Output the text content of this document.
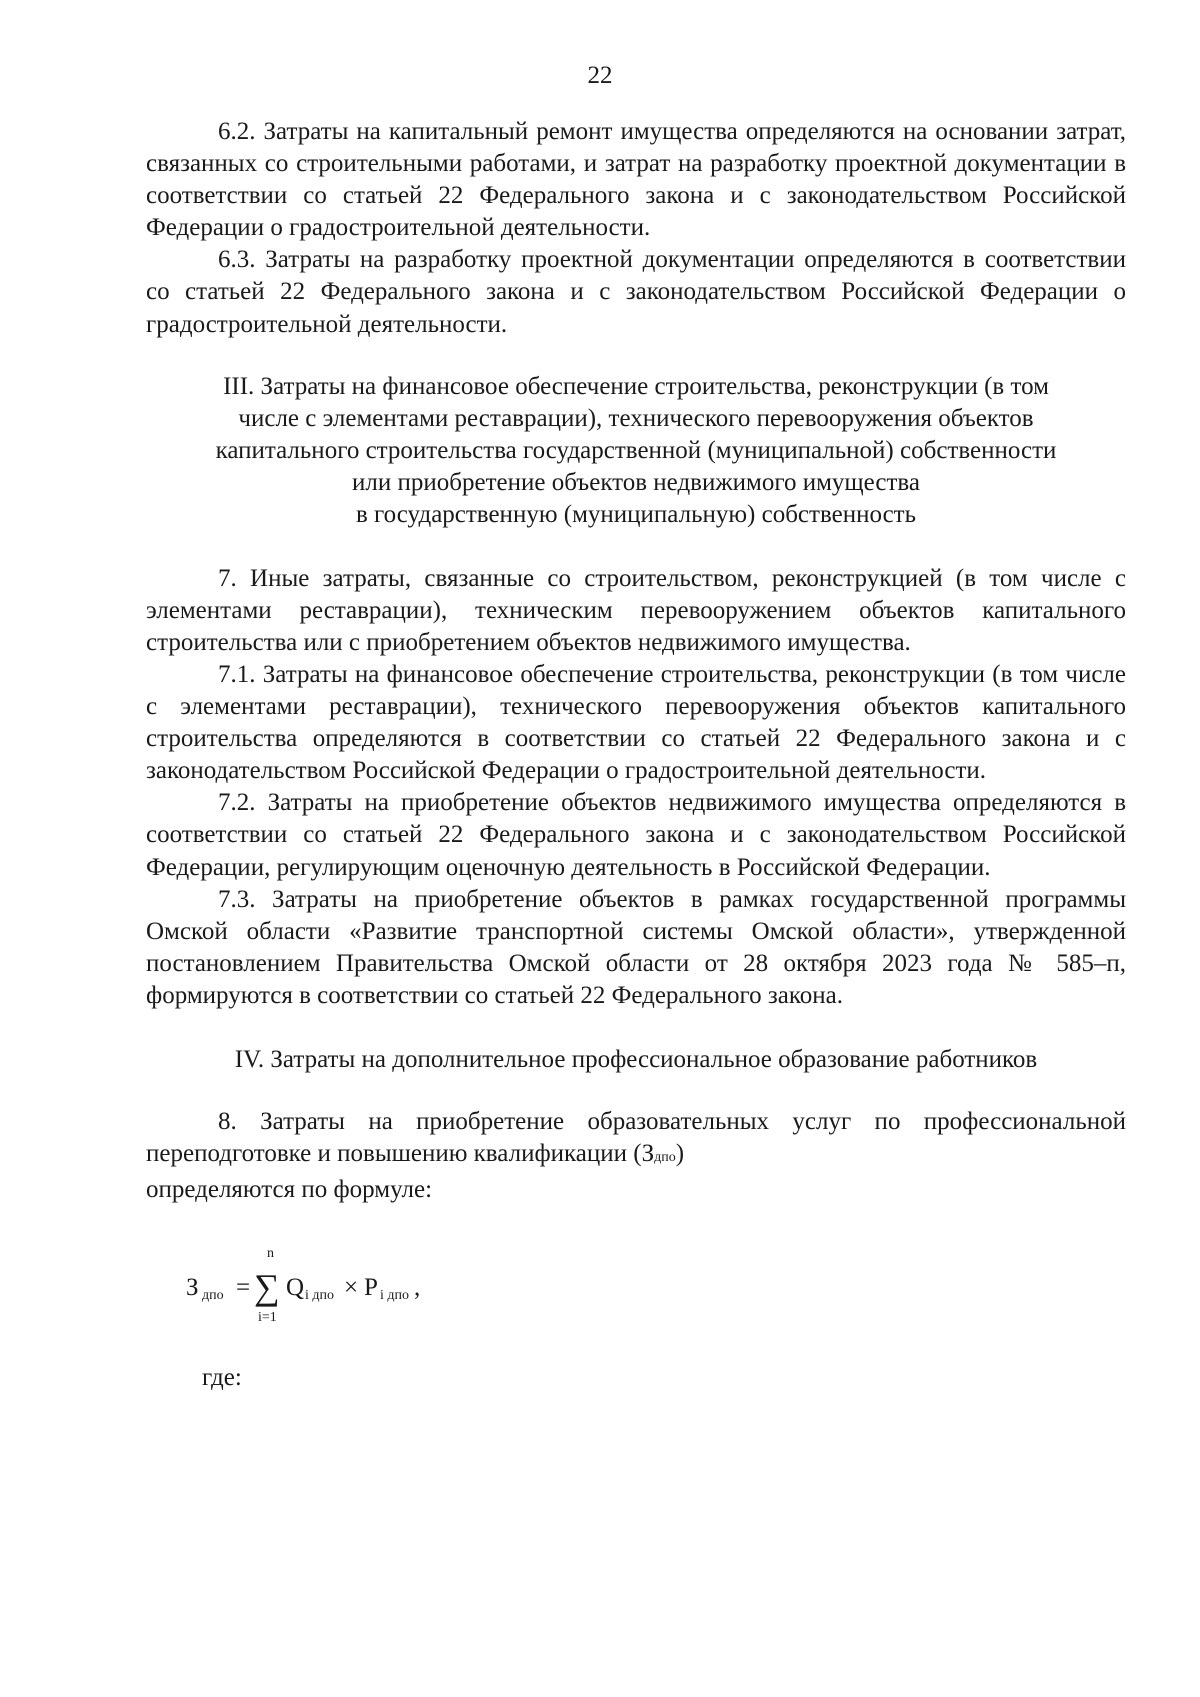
22

6.2. Затраты на капитальный ремонт имущества определяются на основании затрат, связанных со строительными работами, и затрат на разработку проектной документации в соответствии со статьей 22 Федерального закона и с законодательством Российской Федерации о градостроительной деятельности.

6.3. Затраты на разработку проектной документации определяются в соответствии со статьей 22 Федерального закона и с законодательством Российской Федерации о градостроительной деятельности.

III. Затраты на финансовое обеспечение строительства, реконструкции (в том
числе с элементами реставрации), технического перевооружения объектов
капитального строительства государственной (муниципальной) собственности
или приобретение объектов недвижимого имущества
в государственную (муниципальную) собственность

7. Иные затраты, связанные со строительством, реконструкцией (в том числе с элементами реставрации), техническим перевооружением объектов капитального строительства или с приобретением объектов недвижимого имущества.

7.1. Затраты на финансовое обеспечение строительства, реконструкции (в том числе с элементами реставрации), технического перевооружения объектов капитального строительства определяются в соответствии со статьей 22 Федерального закона и с законодательством Российской Федерации о градостроительной деятельности.

7.2. Затраты на приобретение объектов недвижимого имущества определяются в соответствии со статьей 22 Федерального закона и с законодательством Российской Федерации, регулирующим оценочную деятельность в Российской Федерации.

7.3. Затраты на приобретение объектов в рамках государственной программы Омской области «Развитие транспортной системы Омской области», утвержденной постановлением Правительства Омской области от 28 октября 2023 года № 585–п, формируются в соответствии со статьей 22 Федерального закона.

IV. Затраты на дополнительное профессиональное образование работников

8. Затраты на приобретение образовательных услуг по профессиональной переподготовке и повышению квалификации (Здпо)

определяются по формуле:

З дпо =
n
∑
i=1
Q i дпо × P i дпо ,
где:
